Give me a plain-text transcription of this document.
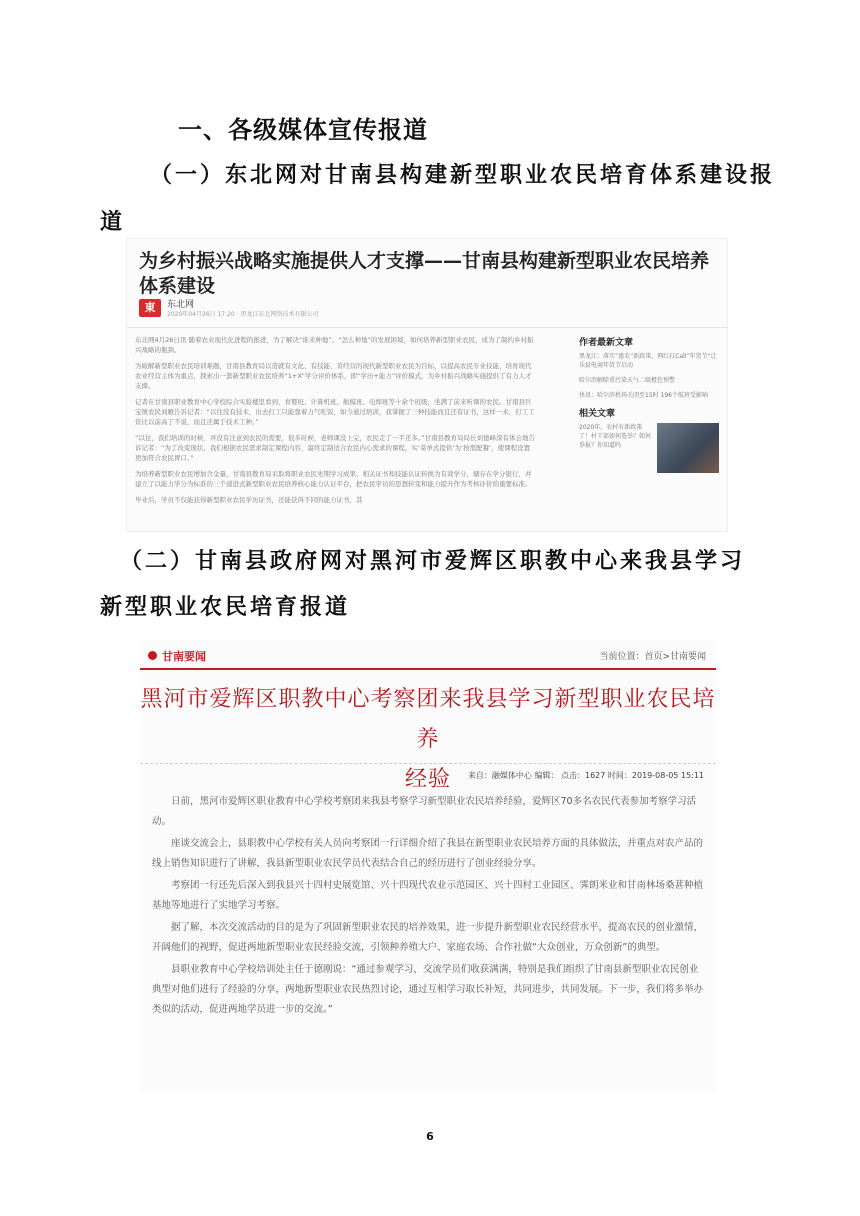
一、各级媒体宣传报道
（一）东北网对甘南县构建新型职业农民培育体系建设报
道
为乡村振兴战略实施提供人才支撑——甘南县构建新型职业农民培养体系建设
東	东北网
2020年04月26日 17:20 · 黑龙江东北网络技术有限公司

东北网4月26日讯 随着农业现代化进程的推进，为了解决“谁来种地”、“怎么种地”的发展困境，如何培养新型职业农民，成为了制约乡村振兴战略的瓶颈。

为破解新型职业农民培训难题，甘南县教育局以造就有文化、有技能、善经营的现代新型职业农民为目标，以提高农民专业技能、培育现代农业经营主体为重点，探索出一套新型职业农民培养“1+X”学分评价体系，即“学历+能力”评价模式，为乡村振兴战略实施提供了有力人才支撑。

记者在甘南县职业教育中心学校综合实验楼里看到，育婴班、计算机班、航模班、电焊班等十余个班级，坐满了前来听课的农民。甘南县巨宝镇农民刘雁告诉记者：“以往没有技术，出去打工只能靠着力气吃饭，如今通过培训，我掌握了三种技能而且还有证书，这样一来，打工工资比以前高了不说，而且还属于技术工种。”

“以往，我们培训的时候，并没有注意到农民的需要，很多时候，老师课没上完，农民走了一半还多。”甘南县教育局局长刘德峰深有体会地告诉记者：“为了改变现状，我们根据农民需求制定课程内容，最终定制适合农民内心需求的课程，实‘菜单式提供’为‘按需配餐’，使课程设置更加符合农民胃口。”

为培养新型职业农民增加含金量，甘南县教育局采取将职业农民先期学习成果、相关证书和技能认证转换为有效学分，储存在学分银行，并建立了以能力学分为标准的三个递进式新型职业农民培养核心能力认证平台，把农民学员的思想转变和能力提升作为考核评价的重要标准。

毕业后，学员不仅能获得新型职业农民学历证书，还能获得不同的能力证书，其

作者最新文章

黑龙江：落实“惠农”新政策，网红打Call“年货节”让乐县电商年货节启动

哈尔滨解除重污染天气二级橙色预警

快讯：哈尔滨机场关闭至15时 196个航班受影响

相关文章

2020年，农村有新政策了！村干部如何选举？如何举报？你知道吗
（二）甘南县政府网对黑河市爱辉区职教中心来我县学习
新型职业农民培育报道
甘南要闻	当前位置：首页>甘南要闻
黑河市爱辉区职教中心考察团来我县学习新型职业农民培养
经验	来自：融媒体中心 编辑： 点击：1627 时间：2019-08-05 15:11

日前，黑河市爱辉区职业教育中心学校考察团来我县考察学习新型职业农民培养经验，爱辉区70多名农民代表参加考察学习活动。

座谈交流会上，县职教中心学校有关人员向考察团一行详细介绍了我县在新型职业农民培养方面的具体做法，并重点对农产品的线上销售知识进行了讲解，我县新型职业农民学员代表结合自己的经历进行了创业经验分享。

考察团一行还先后深入到我县兴十四村史展览馆、兴十四现代农业示范园区、兴十四村工业园区、霁朗米业和甘南林场桑葚种植基地等地进行了实地学习考察。

据了解，本次交流活动的目的是为了巩固新型职业农民的培养效果，进一步提升新型职业农民经营水平，提高农民的创业激情，开阔他们的视野，促进两地新型职业农民经验交流，引领种养殖大户、家庭农场、合作社做“大众创业，万众创新”的典型。

县职业教育中心学校培训处主任于德刚说：“通过参观学习，交流学员们收获满满，特别是我们组织了甘南县新型职业农民创业典型对他们进行了经验的分享，两地新型职业农民热烈讨论，通过互相学习取长补短，共同进步，共同发展。下一步，我们将多举办类似的活动，促进两地学员进一步的交流。”

6
